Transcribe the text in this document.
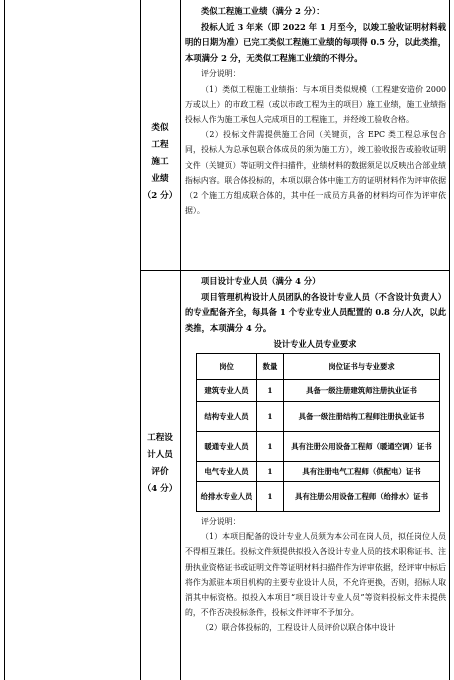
类似
工程
施工
业绩
（2 分）

类似工程施工业绩（满分 2 分）：

投标人近 3 年来（即 2022 年 1 月至今，以竣工验收证明材料载明的日期为准）已完工类似工程施工业绩的每项得 0.5 分，以此类推，本项满分 2 分，无类似工程施工业绩的不得分。

评分说明：

（1）类似工程施工业绩指：与本项目类似规模（工程建安造价 2000 万或以上）的市政工程（或以市政工程为主的项目）施工业绩，施工业绩指投标人作为施工承包人完成项目的工程施工，并经竣工验收合格。

（2）投标文件需提供施工合同（关键页，含 EPC 类工程总承包合同，投标人为总承包联合体成员的须为施工方），竣工验收报告或验收证明文件（关键页）等证明文件扫描件，业绩材料的数据须足以反映出合部业绩指标内容。联合体投标的，本项以联合体中施工方的证明材料作为评审依据（2 个施工方组成联合体的，其中任一成员方具备的材料均可作为评审依据）。

工程设
计人员
评价
（4 分）

项目设计专业人员（满分 4 分）

项目管理机构设计人员团队的各设计专业人员（不含设计负责人）的专业配备齐全，每具备 1 个专业专业人员配置的 0.8 分/人次，以此类推，本项满分 4 分。

设计专业人员专业要求
岗位	数量	岗位证书与专业要求
建筑专业人员	1	具备一级注册建筑师注册执业证书
结构专业人员	1	具备一级注册结构工程师注册执业证书
暖通专业人员	1	具有注册公用设备工程师（暖通空调）证书
电气专业人员	1	具有注册电气工程师（供配电）证书
给排水专业人员	1	具有注册公用设备工程师（给排水）证书

评分说明：

（1）本项目配备的设计专业人员须为本公司在岗人员，拟任岗位人员不得相互兼任。投标文件须提供拟投入各设计专业人员的技术职称证书、注册执业资格证书或证明文件等证明材料扫描件作为评审依据，经评审中标后将作为派驻本项目机构的主要专业设计人员，不允许更换，否则，招标人取消其中标资格。拟投入本项目“项目设计专业人员”等资料投标文件未提供的，不作否决投标条件，投标文件评审不予加分。

（2）联合体投标的，工程设计人员评价以联合体中设计
